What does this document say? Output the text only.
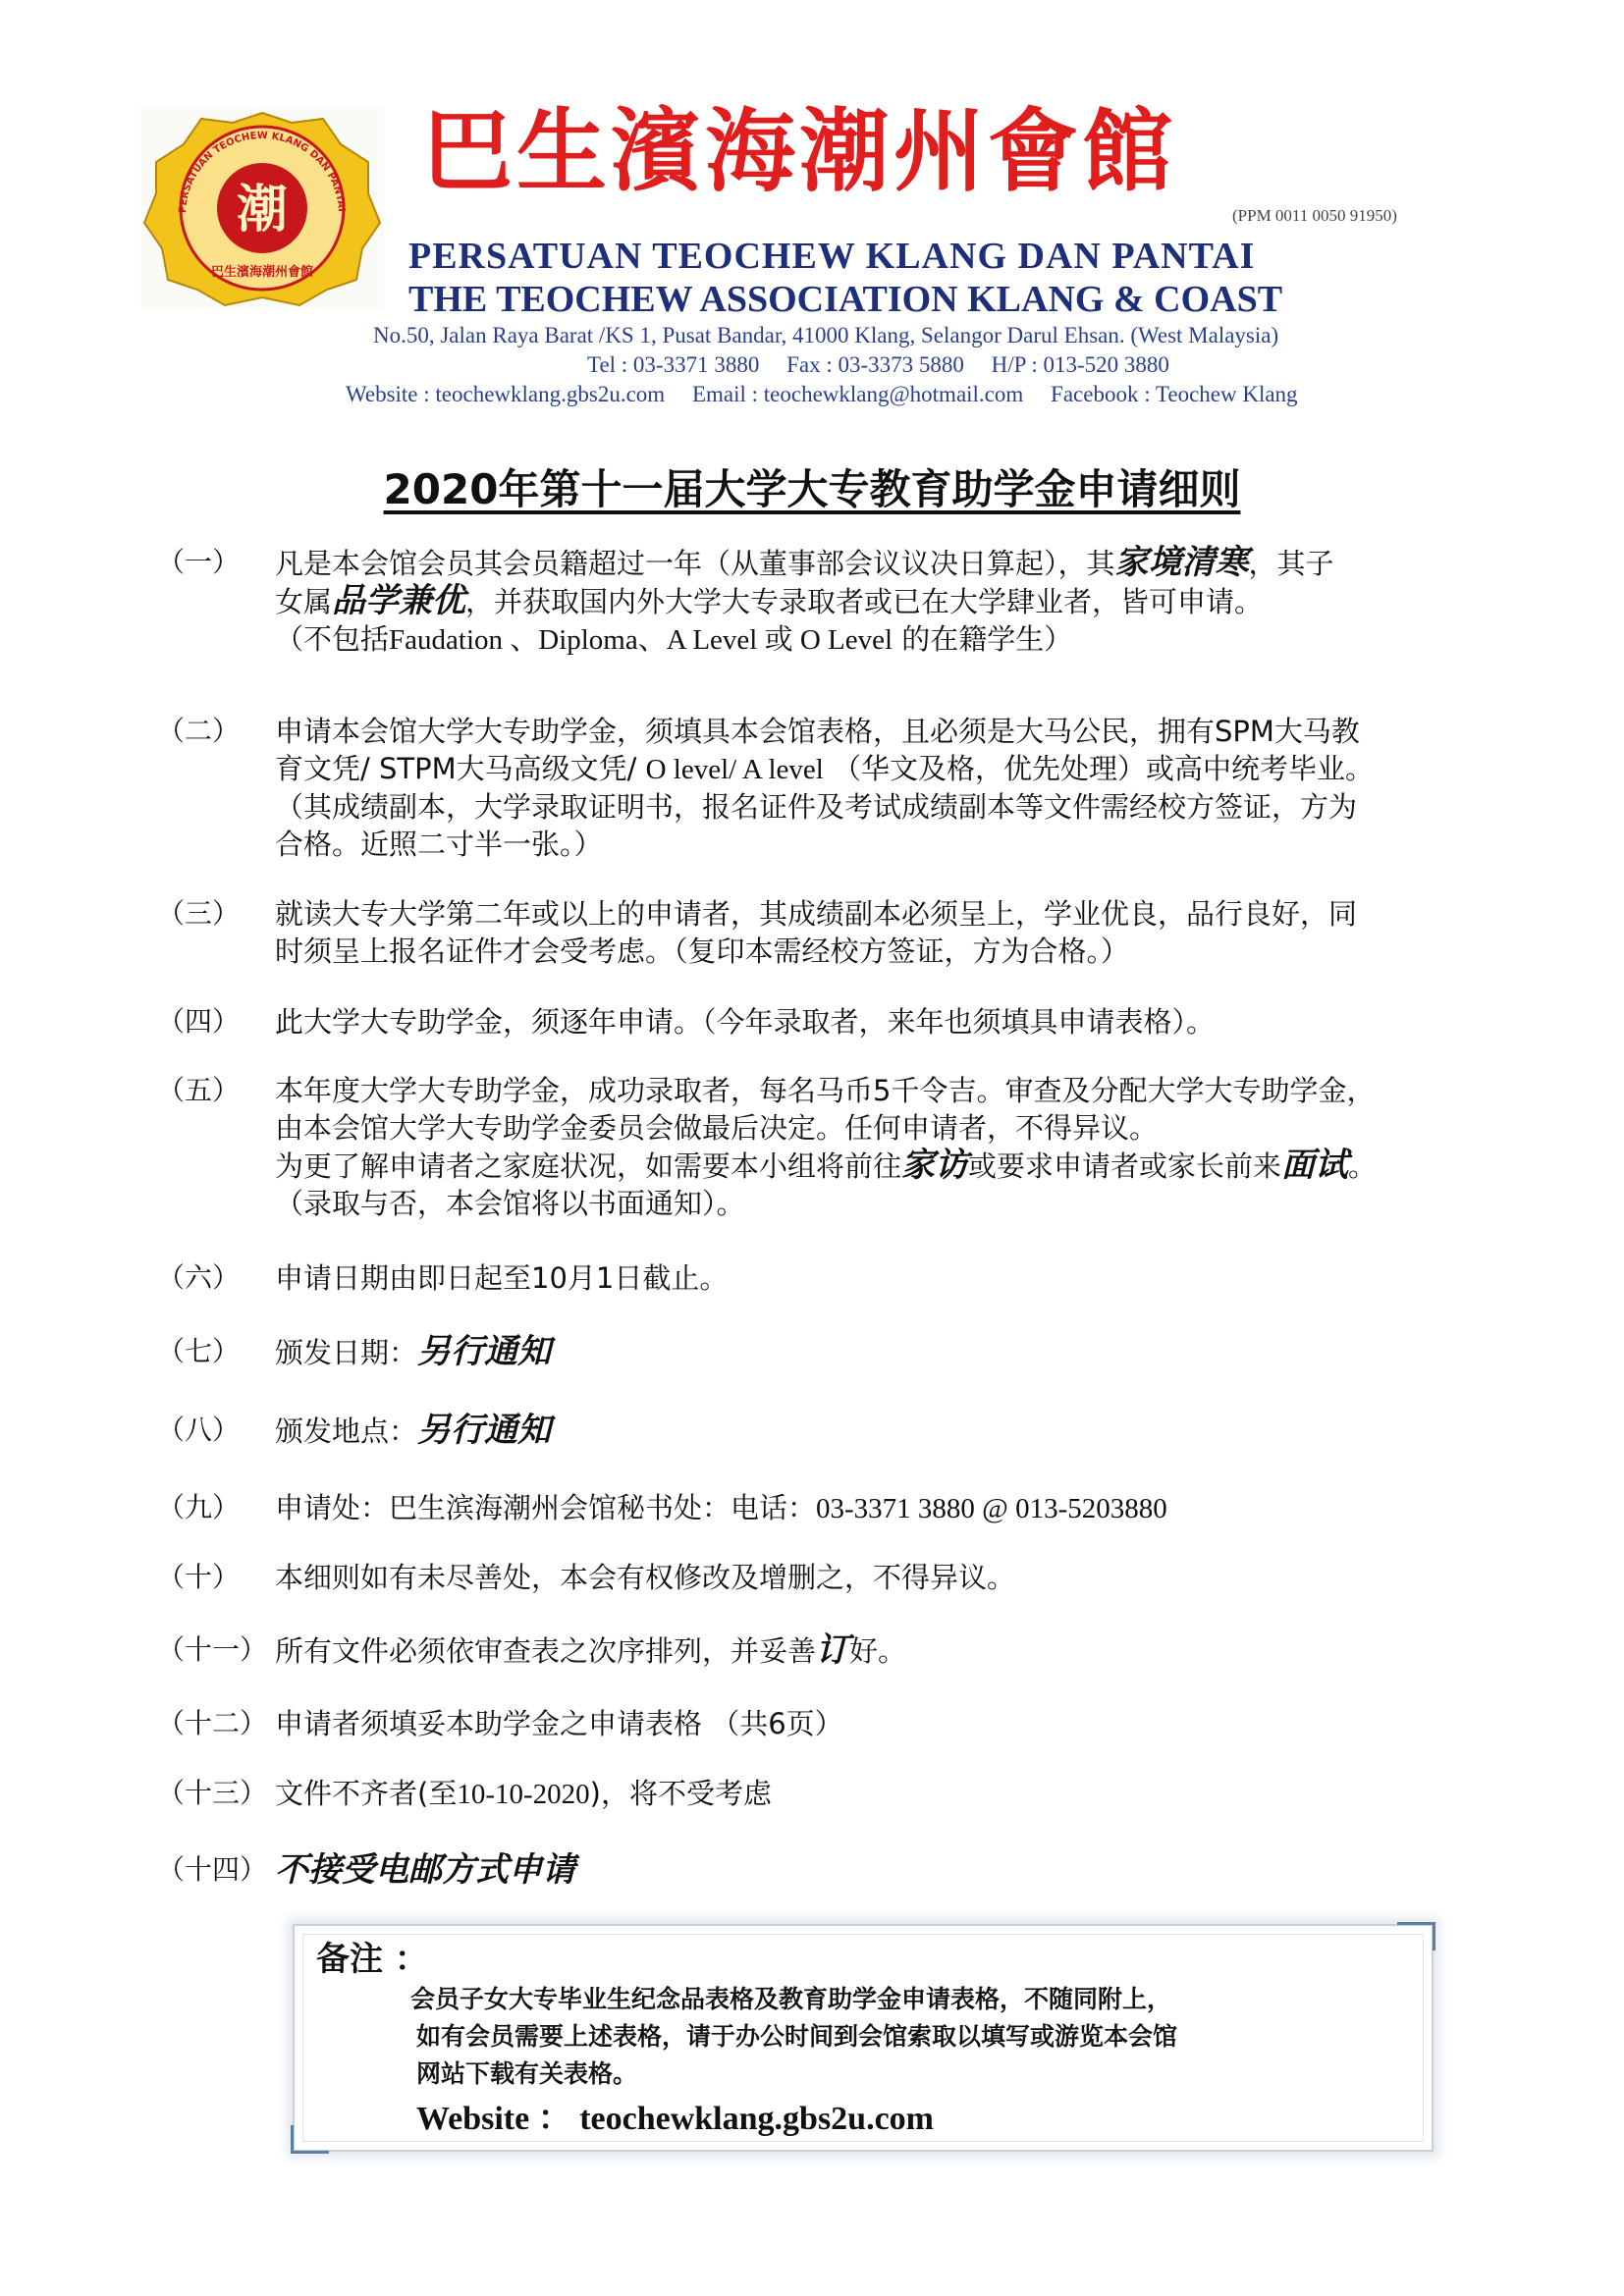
PERSATUAN TEOCHEW KLANG DAN PANTAI
潮
巴生濱海潮州會館
巴生濱海潮州會館
(PPM 0011 0050 91950)
PERSATUAN TEOCHEW KLANG DAN PANTAI
THE TEOCHEW ASSOCIATION KLANG & COAST
No.50, Jalan Raya Barat /KS 1, Pusat Bandar, 41000 Klang, Selangor Darul Ehsan. (West Malaysia)
Tel : 03-3371 3880 Fax : 03-3373 5880 H/P : 013-520 3880
Website : teochewklang.gbs2u.com Email : teochewklang@hotmail.com Facebook : Teochew Klang
2020年第十一届大学大专教育助学金申请细则
（一） 凡是本会馆会员其会员籍超过一年（从董事部会议议决日算起），其家境清寒，其子
女属品学兼优，并获取国内外大学大专录取者或已在大学肆业者，皆可申请。
（不包括Faudation 、Diploma、A Level 或 O Level 的在籍学生）
（二） 申请本会馆大学大专助学金，须填具本会馆表格，且必须是大马公民，拥有SPM大马教
育文凭/ STPM大马高级文凭/ O level/ A level （华文及格，优先处理）或高中统考毕业。
（其成绩副本，大学录取证明书，报名证件及考试成绩副本等文件需经校方签证，方为
合格。近照二寸半一张。）
（三） 就读大专大学第二年或以上的申请者，其成绩副本必须呈上，学业优良，品行良好，同
时须呈上报名证件才会受考虑。（复印本需经校方签证，方为合格。）
（四） 此大学大专助学金，须逐年申请。（今年录取者，来年也须填具申请表格）。
（五） 本年度大学大专助学金，成功录取者，每名马币5千令吉。审查及分配大学大专助学金，
由本会馆大学大专助学金委员会做最后决定。任何申请者，不得异议。
为更了解申请者之家庭状况，如需要本小组将前往家访或要求申请者或家长前来面试。
（录取与否，本会馆将以书面通知）。
（六） 申请日期由即日起至10月1日截止。
（七） 颁发日期：另行通知
（八） 颁发地点：另行通知
（九） 申请处：巴生滨海潮州会馆秘书处：电话：03-3371 3880 @ 013-5203880
（十） 本细则如有未尽善处，本会有权修改及增删之，不得异议。
（十一） 所有文件必须依审查表之次序排列，并妥善订好。
（十二） 申请者须填妥本助学金之申请表格 （共6页）
（十三） 文件不齐者(至10-10-2020)，将不受考虑
（十四） 不接受电邮方式申请
备注 ：
会员子女大专毕业生纪念品表格及教育助学金申请表格，不随同附上，
如有会员需要上述表格，请于办公时间到会馆索取以填写或游览本会馆
网站下载有关表格。
Website ： teochewklang.gbs2u.com
